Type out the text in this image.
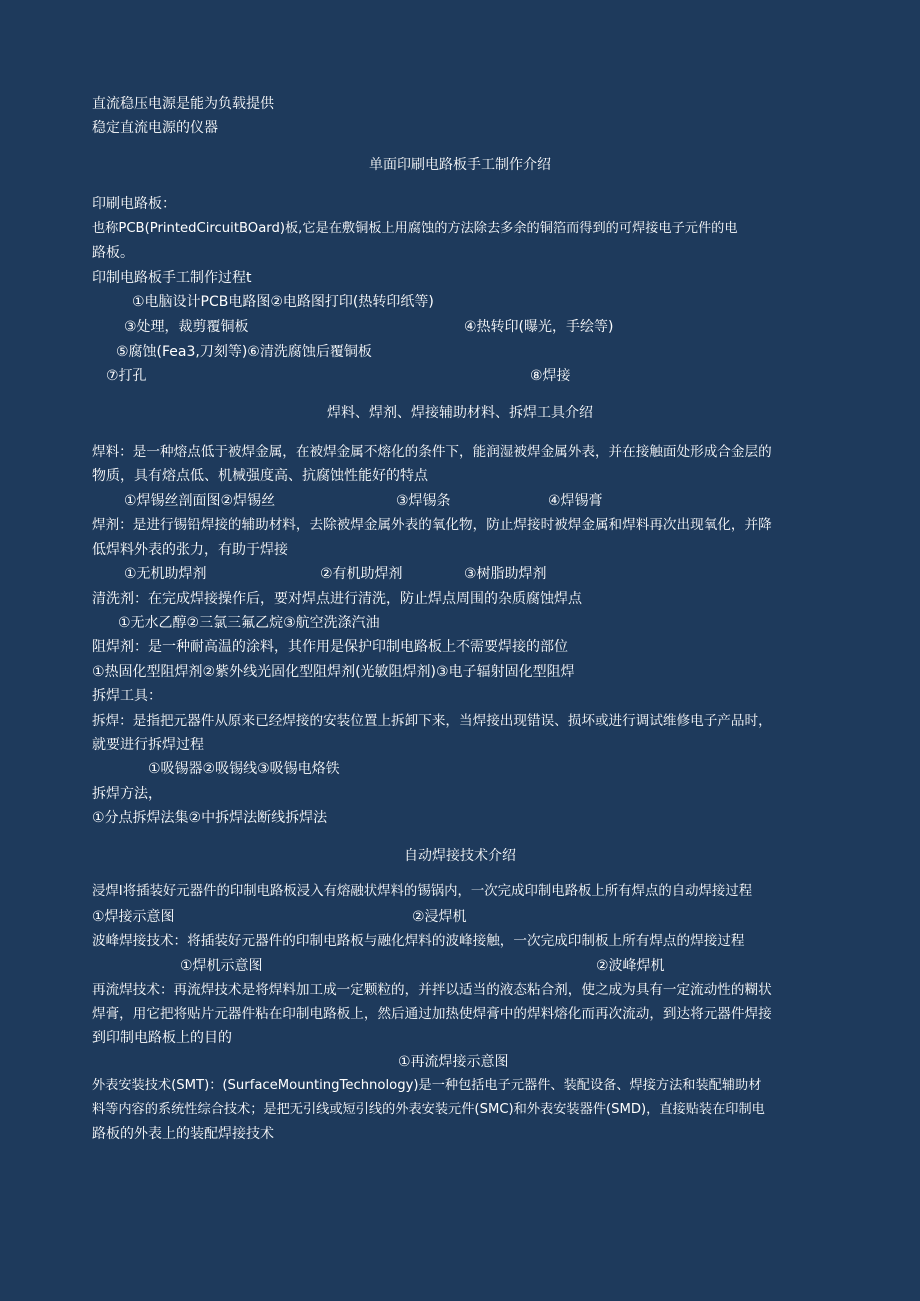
直流稳压电源是能为负载提供
稳定直流电源的仪器
单面印刷电路板手工制作介绍
印刷电路板：
也称PCB(PrintedCircuitBOard)板,它是在敷铜板上用腐蚀的方法除去多余的铜箔而得到的可焊接电子元件的电
路板。
印制电路板手工制作过程t
①电脑设计PCB电路图②电路图打印(热转印纸等)
③处理，裁剪覆铜板	④热转印(曝光，手绘等)
⑤腐蚀(Fea3,刀刻等)⑥清洗腐蚀后覆铜板
⑦打孔	⑧焊接
焊料、焊剂、焊接辅助材料、拆焊工具介绍
焊料：是一种熔点低于被焊金属，在被焊金属不熔化的条件下，能润湿被焊金属外表，并在接触面处形成合金层的
物质，具有熔点低、机械强度高、抗腐蚀性能好的特点
①焊锡丝剖面图②焊锡丝	③焊锡条	④焊锡膏
焊剂：是进行锡铅焊接的辅助材料，去除被焊金属外表的氧化物，防止焊接时被焊金属和焊料再次出现氧化，并降
低焊料外表的张力，有助于焊接
①无机助焊剂	②有机助焊剂	③树脂助焊剂
清洗剂：在完成焊接操作后，要对焊点进行清洗，防止焊点周围的杂质腐蚀焊点
①无水乙醇②三氯三氟乙烷③航空洗涤汽油
阻焊剂：是一种耐高温的涂料，其作用是保护印制电路板上不需要焊接的部位
①热固化型阻焊剂②紫外线光固化型阻焊剂(光敏阻焊剂)③电子辐射固化型阻焊
拆焊工具：
拆焊：是指把元器件从原来已经焊接的安装位置上拆卸下来，当焊接出现错误、损坏或进行调试维修电子产品时，
就要进行拆焊过程
①吸锡器②吸锡线③吸锡电烙铁
拆焊方法，
①分点拆焊法集②中拆焊法断线拆焊法
自动焊接技术介绍
浸焊I将插装好元器件的印制电路板浸入有熔融状焊料的锡锅内，一次完成印制电路板上所有焊点的自动焊接过程
①焊接示意图	②浸焊机
波峰焊接技术：将插装好元器件的印制电路板与融化焊料的波峰接触，一次完成印制板上所有焊点的焊接过程
①焊机示意图	②波峰焊机
再流焊技术：再流焊技术是将焊料加工成一定颗粒的，并拌以适当的液态粘合剂，使之成为具有一定流动性的糊状
焊膏，用它把将贴片元器件粘在印制电路板上，然后通过加热使焊膏中的焊料熔化而再次流动，到达将元器件焊接
到印制电路板上的目的
①再流焊接示意图
外表安装技术(SMT)：(SurfaceMountingTechnology)是一种包括电子元器件、装配设备、焊接方法和装配辅助材
料等内容的系统性综合技术；是把无引线或短引线的外表安装元件(SMC)和外表安装器件(SMD)，直接贴装在印制电
路板的外表上的装配焊接技术
